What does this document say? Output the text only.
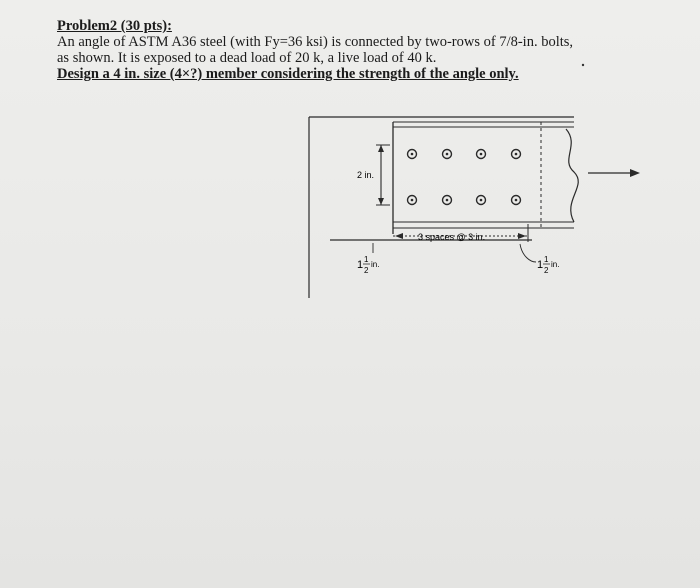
Problem2 (30 pts):
An angle of ASTM A36 steel (with Fy=36 ksi) is connected by two-rows of 7/8-in. bolts,
as shown. It is exposed to a dead load of 20 k, a live load of 40 k.
Design a 4 in. size (4×?) member considering the strength of the angle only.
2 in.
3 spaces @ 3 in.
1 1
2
in.	1 1
2
in.
